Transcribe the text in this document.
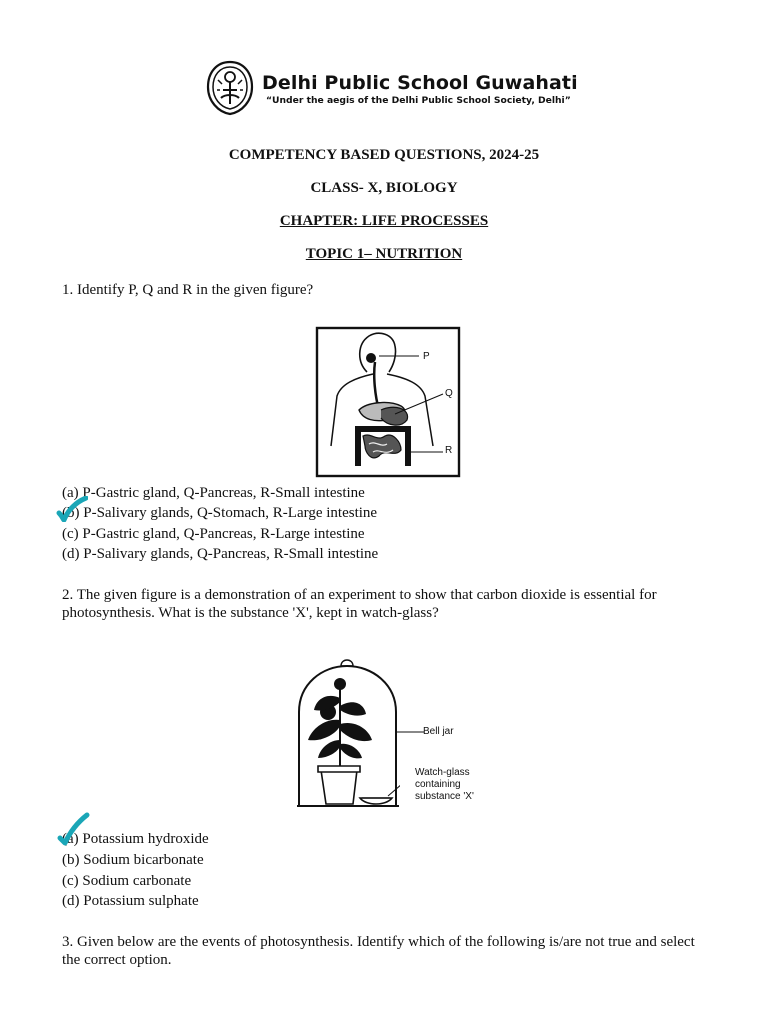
Delhi Public School Guwahati
“Under the aegis of the Delhi Public School Society, Delhi”
COMPETENCY BASED QUESTIONS, 2024-25
CLASS- X, BIOLOGY
CHAPTER: LIFE PROCESSES
TOPIC 1– NUTRITION
1. Identify P, Q and R in the given figure?
P
Q
R
(a) P-Gastric gland, Q-Pancreas, R-Small intestine
(b) P-Salivary glands, Q-Stomach, R-Large intestine
(c) P-Gastric gland, Q-Pancreas, R-Large intestine
(d) P-Salivary glands, Q-Pancreas, R-Small intestine
2. The given figure is a demonstration of an experiment to show that carbon dioxide is essential for
photosynthesis. What is the substance 'X', kept in watch-glass?
Bell jar
Watch-glass
containing
substance 'X'
(a) Potassium hydroxide
(b) Sodium bicarbonate
(c) Sodium carbonate
(d) Potassium sulphate
3. Given below are the events of photosynthesis. Identify which of the following is/are not true and select
the correct option.
